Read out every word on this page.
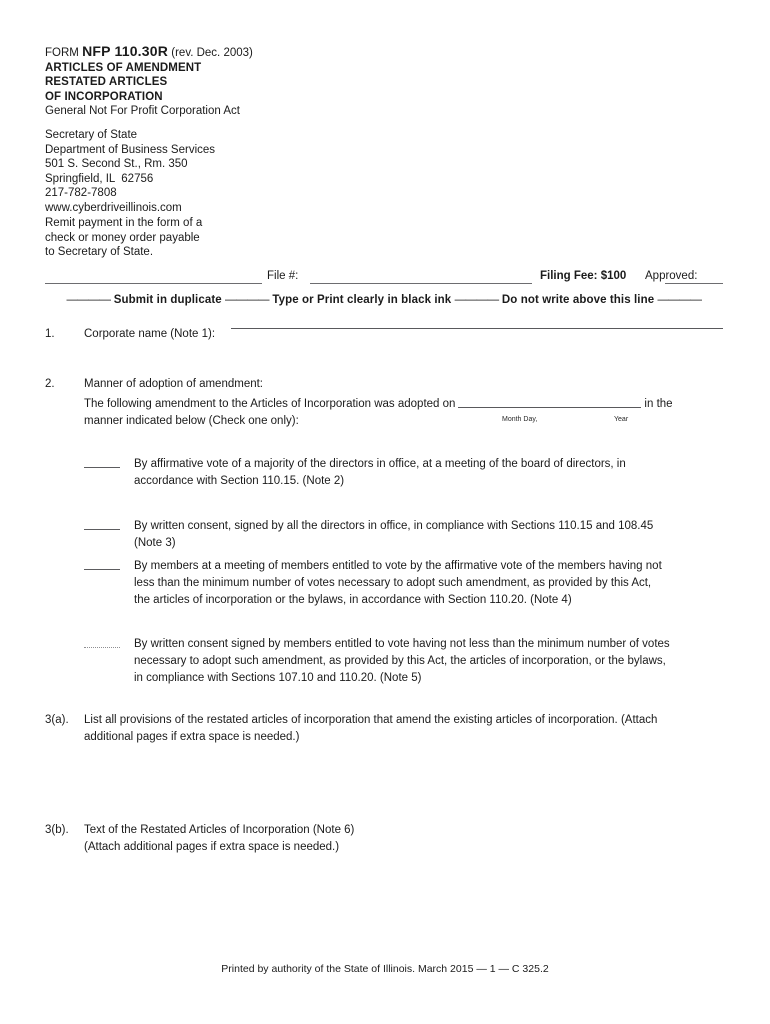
FORM NFP 110.30R (rev. Dec. 2003)
ARTICLES OF AMENDMENT
RESTATED ARTICLES
OF INCORPORATION
General Not For Profit Corporation Act
Secretary of State
Department of Business Services
501 S. Second St., Rm. 350
Springfield, IL  62756
217-782-7808
www.cyberdriveillinois.com
Remit payment in the form of a
check or money order payable
to Secretary of State.
File #:	Filing Fee: $100 Approved:
———— Submit in duplicate ———— Type or Print clearly in black ink ———— Do not write above this line ————
1.	Corporate name (Note 1):
2.	Manner of adoption of amendment:
The following amendment to the Articles of Incorporation was adopted on	in the
manner indicated below (Check one only):	Month Day,	Year
By affirmative vote of a majority of the directors in office, at a meeting of the board of directors, in
accordance with Section 110.15. (Note 2)
By written consent, signed by all the directors in office, in compliance with Sections 110.15 and 108.45
(Note 3)
By members at a meeting of members entitled to vote by the affirmative vote of the members having not
less than the minimum number of votes necessary to adopt such amendment, as provided by this Act,
the articles of incorporation or the bylaws, in accordance with Section 110.20. (Note 4)
By written consent signed by members entitled to vote having not less than the minimum number of votes
necessary to adopt such amendment, as provided by this Act, the articles of incorporation, or the bylaws,
in compliance with Sections 107.10 and 110.20. (Note 5)
3(a). List all provisions of the restated articles of incorporation that amend the existing articles of incorporation. (Attach
additional pages if extra space is needed.)
3(b). Text of the Restated Articles of Incorporation (Note 6)
(Attach additional pages if extra space is needed.)
Printed by authority of the State of Illinois. March 2015 — 1 — C 325.2
